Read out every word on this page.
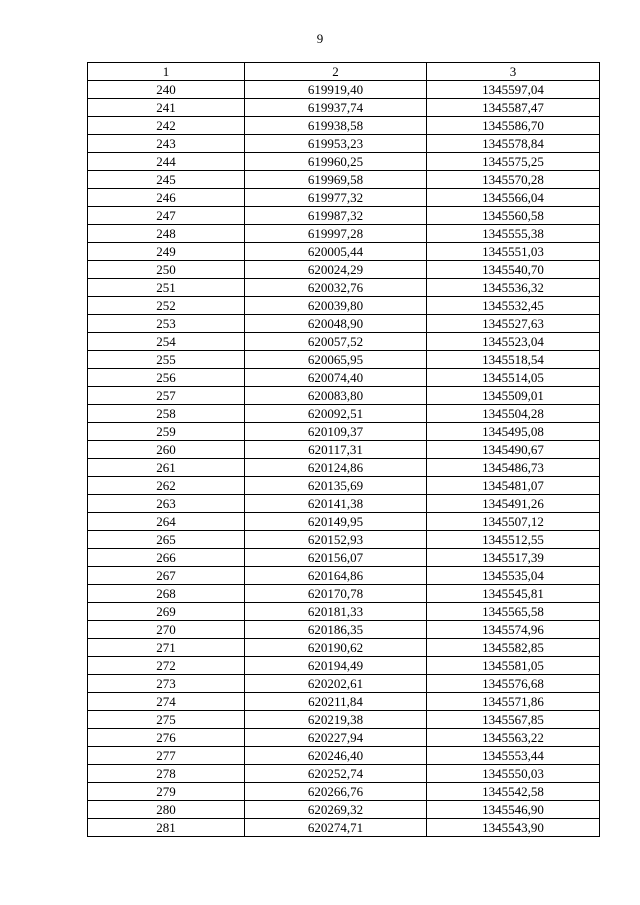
9
1	2	3
240	619919,40	1345597,04
241	619937,74	1345587,47
242	619938,58	1345586,70
243	619953,23	1345578,84
244	619960,25	1345575,25
245	619969,58	1345570,28
246	619977,32	1345566,04
247	619987,32	1345560,58
248	619997,28	1345555,38
249	620005,44	1345551,03
250	620024,29	1345540,70
251	620032,76	1345536,32
252	620039,80	1345532,45
253	620048,90	1345527,63
254	620057,52	1345523,04
255	620065,95	1345518,54
256	620074,40	1345514,05
257	620083,80	1345509,01
258	620092,51	1345504,28
259	620109,37	1345495,08
260	620117,31	1345490,67
261	620124,86	1345486,73
262	620135,69	1345481,07
263	620141,38	1345491,26
264	620149,95	1345507,12
265	620152,93	1345512,55
266	620156,07	1345517,39
267	620164,86	1345535,04
268	620170,78	1345545,81
269	620181,33	1345565,58
270	620186,35	1345574,96
271	620190,62	1345582,85
272	620194,49	1345581,05
273	620202,61	1345576,68
274	620211,84	1345571,86
275	620219,38	1345567,85
276	620227,94	1345563,22
277	620246,40	1345553,44
278	620252,74	1345550,03
279	620266,76	1345542,58
280	620269,32	1345546,90
281	620274,71	1345543,90
